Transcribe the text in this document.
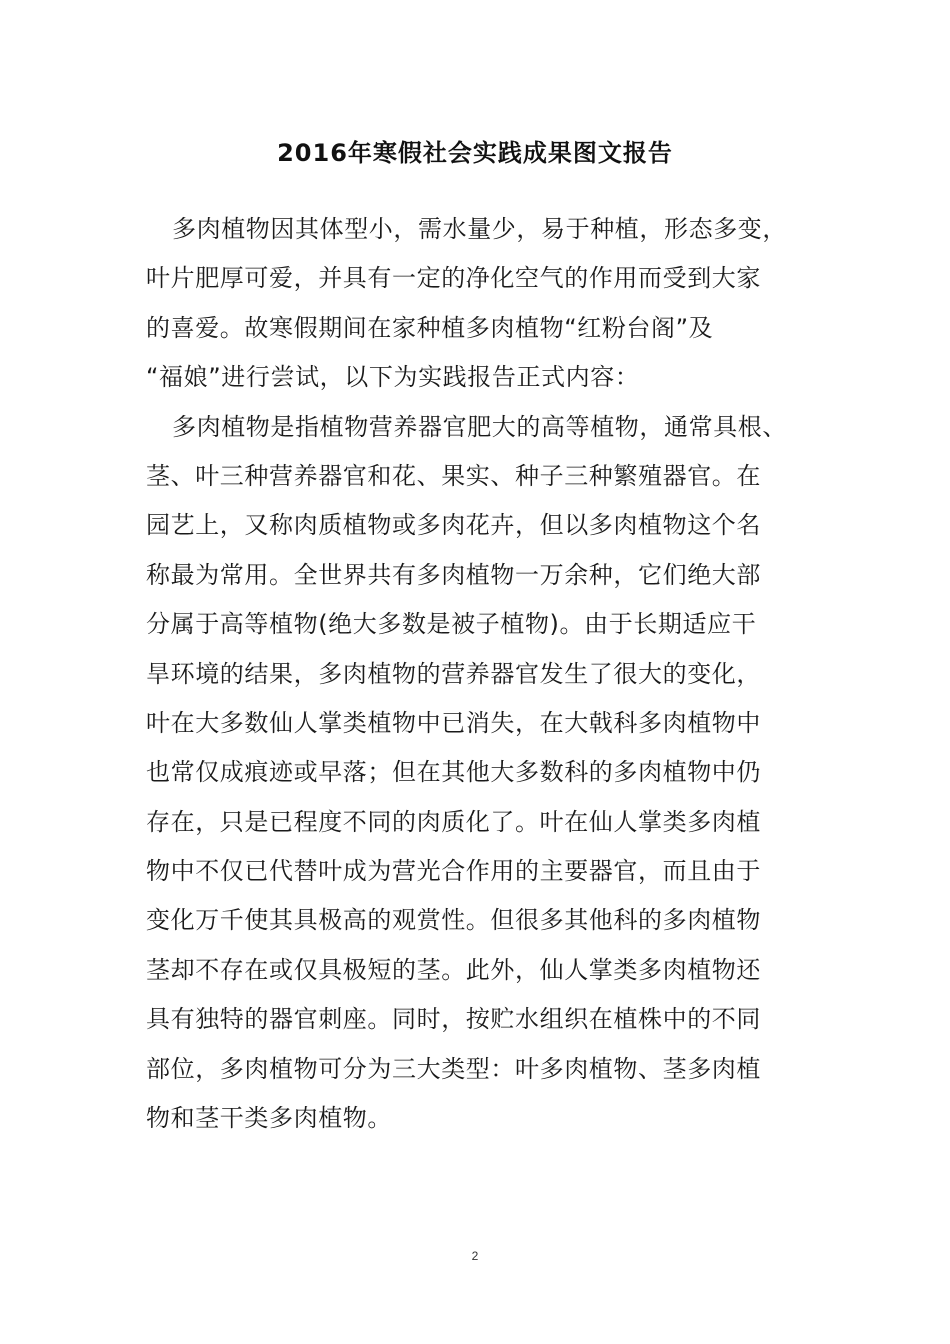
2016年寒假社会实践成果图文报告
多肉植物因其体型小，需水量少，易于种植，形态多变，
叶片肥厚可爱，并具有一定的净化空气的作用而受到大家
的喜爱。故寒假期间在家种植多肉植物“红粉台阁”及
“福娘”进行尝试，以下为实践报告正式内容：
多肉植物是指植物营养器官肥大的高等植物，通常具根、
茎、叶三种营养器官和花、果实、种子三种繁殖器官。在
园艺上，又称肉质植物或多肉花卉，但以多肉植物这个名
称最为常用。全世界共有多肉植物一万余种，它们绝大部
分属于高等植物(绝大多数是被子植物)。由于长期适应干
旱环境的结果，多肉植物的营养器官发生了很大的变化，
叶在大多数仙人掌类植物中已消失，在大戟科多肉植物中
也常仅成痕迹或早落；但在其他大多数科的多肉植物中仍
存在，只是已程度不同的肉质化了。叶在仙人掌类多肉植
物中不仅已代替叶成为营光合作用的主要器官，而且由于
变化万千使其具极高的观赏性。但很多其他科的多肉植物
茎却不存在或仅具极短的茎。此外，仙人掌类多肉植物还
具有独特的器官刺座。同时，按贮水组织在植株中的不同
部位，多肉植物可分为三大类型：叶多肉植物、茎多肉植
物和茎干类多肉植物。
2
